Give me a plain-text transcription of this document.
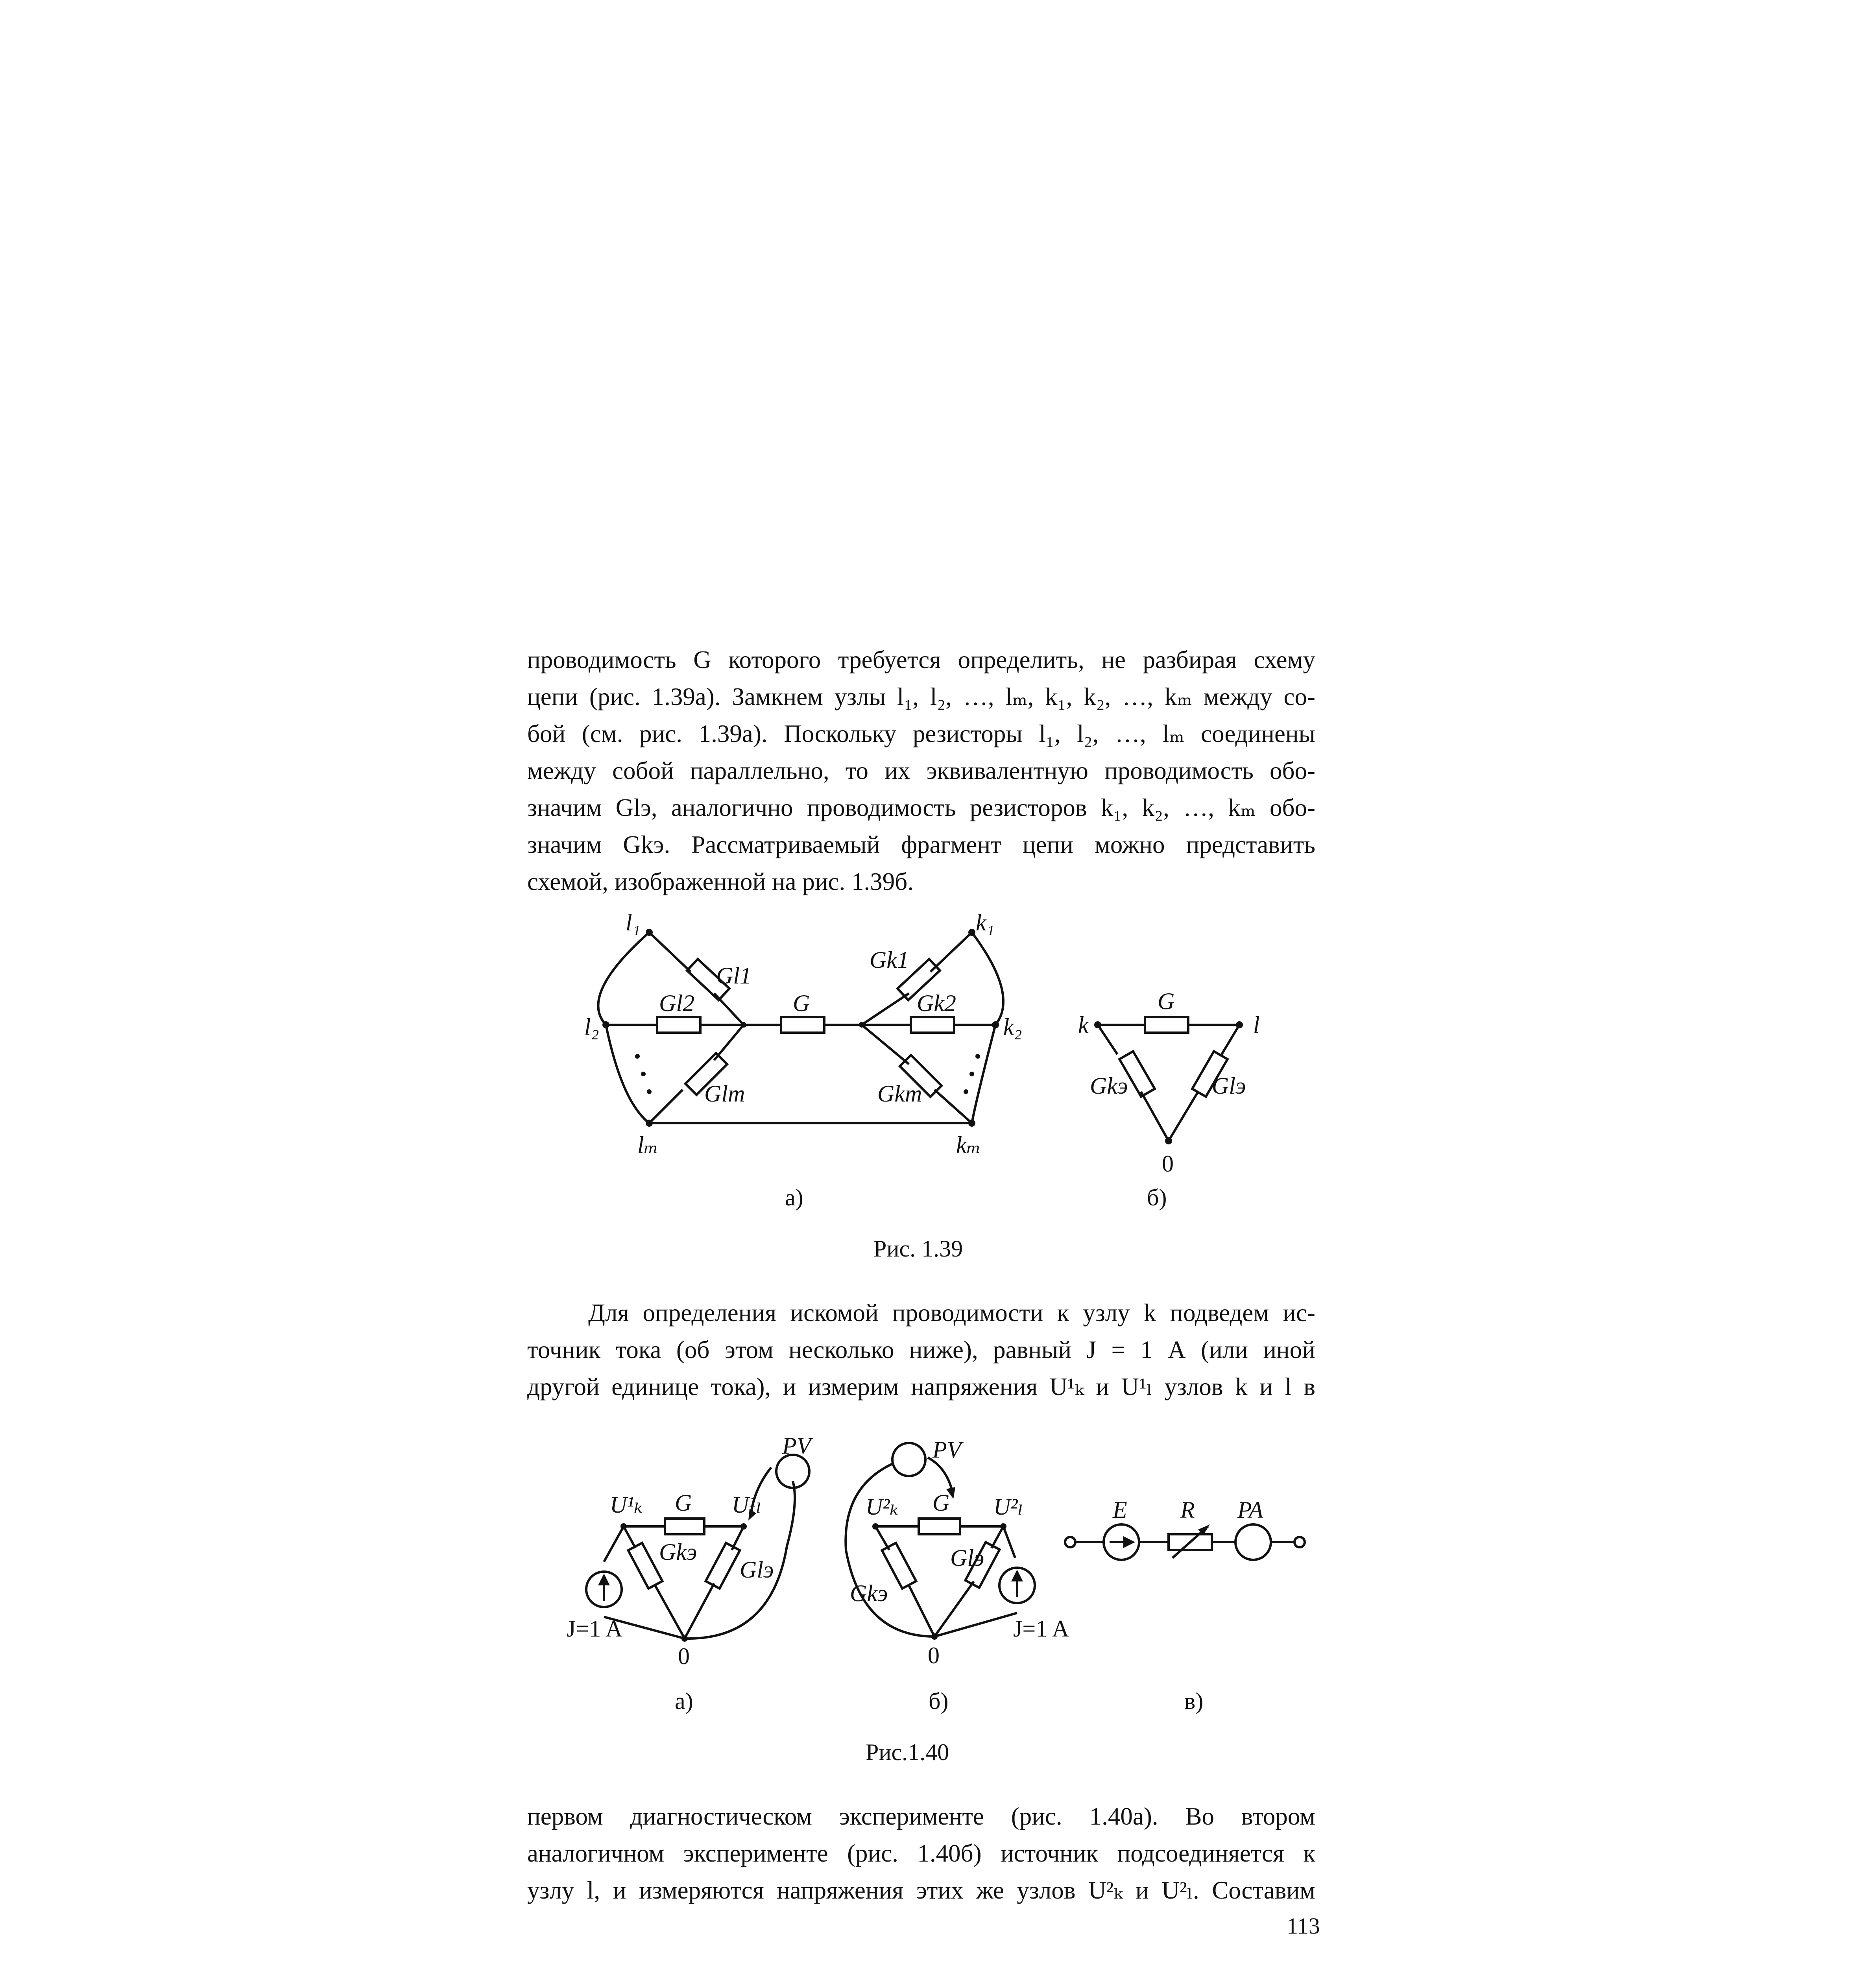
проводимость G которого требуется определить, не разбирая схему
цепи (рис. 1.39а). Замкнем узлы l₁, l₂, …, lₘ, k₁, k₂, …, kₘ между со-
бой (см. рис. 1.39а). Поскольку резисторы l₁, l₂, …, lₘ соединены
между собой параллельно, то их эквивалентную проводимость обо-
значим Glэ, аналогично проводимость резисторов k₁, k₂, …, kₘ обо-
значим Gkэ. Рассматриваемый фрагмент цепи можно представить
схемой, изображенной на рис. 1.39б.
l₁
l₂
lₘ
k₁
k₂
kₘ
Gl1
Gl2
Glm
G
Gk1
Gk2
Gkm
k	l
G
Gkэ	Glэ
0
а)	б)
Рис. 1.39
Для определения искомой проводимости к узлу k подведем ис-
точник тока (об этом несколько ниже), равный J = 1 А (или иной
другой единице тока), и измерим напряжения U¹ₖ и U¹ₗ узлов k и l в
U¹ₖ G U¹ₗ
PV
Gkэ
Glэ
J=1 A
0
U²ₖ G U²ₗ
PV
Gkэ
Glэ
J=1 A
0
E R PA
а)	б)	в)
Рис.1.40
первом диагностическом эксперименте (рис. 1.40а). Во втором
аналогичном эксперименте (рис. 1.40б) источник подсоединяется к
узлу l, и измеряются напряжения этих же узлов U²ₖ и U²ₗ. Составим
113
